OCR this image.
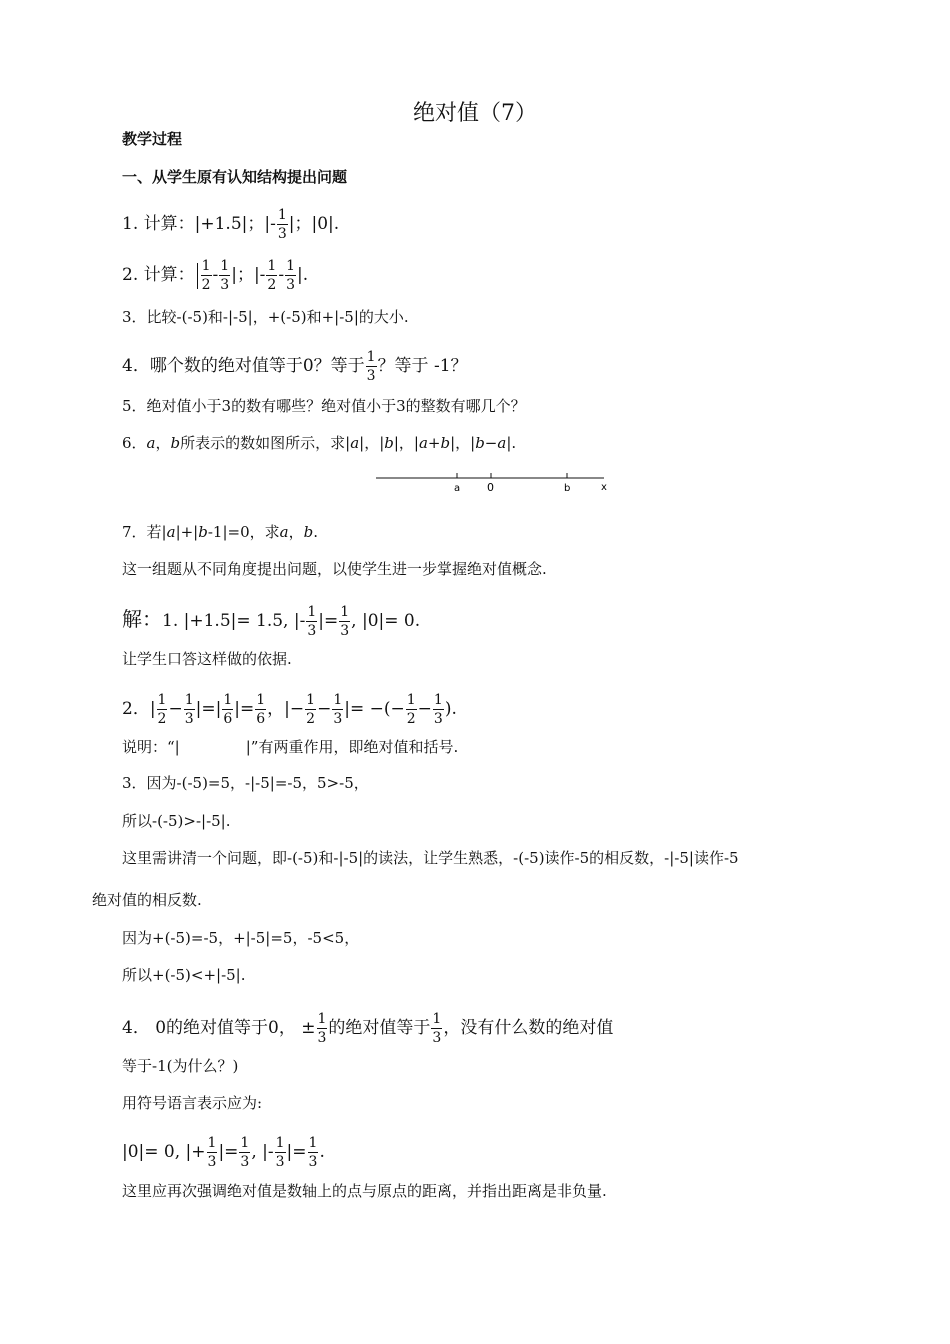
绝对值（7）
教学过程
一、从学生原有认知结构提出问题
1. 计算：|+1.5|；|- $\frac{1}{3}$ |；|0|.
2. 计算： $\frac{1}{2} - \frac{1}{3}$ |；|- $\frac{1}{2} - \frac{1}{3}$ |.
3．比较-(-5)和-|-5|，+(-5)和+|-5|的大小.
4．哪个数的绝对值等于0？等于 $\frac{1}{3}$ ？等于 -1？
5．绝对值小于3的数有哪些？绝对值小于3的整数有哪几个？
6．a，b所表示的数如图所示，求|a|，|b|，|a+b|，|b−a|.
a 0	b	x
7．若|a|+|b-1|=0，求a，b.
这一组题从不同角度提出问题，以使学生进一步掌握绝对值概念.
解：1. |+1.5|= 1.5, |- $\frac{1}{3}$ |= $\frac{1}{3}$ , |0|= 0.
让学生口答这样做的依据.
2．| $\frac{1}{2} - \frac{1}{3}$ |=| $\frac{1}{6}$ |= $\frac{1}{6}$ ，|− $\frac{1}{2} - \frac{1}{3}$ |= −(− $\frac{1}{2} - \frac{1}{3}$ ).
说明：“|	|”有两重作用，即绝对值和括号.
3．因为-(-5)=5，-|-5|=-5，5>-5，
所以-(-5)>-|-5|.
这里需讲清一个问题，即-(-5)和-|-5|的读法，让学生熟悉，-(-5)读作-5的相反数，-|-5|读作-5
绝对值的相反数.
因为+(-5)=-5，+|-5|=5，-5<5，
所以+(-5)<+|-5|.
4． 0的绝对值等于0， ± $\frac{1}{3}$ 的绝对值等于 $\frac{1}{3}$ ，没有什么数的绝对值
等于-1(为什么？)
用符号语言表示应为:
|0|= 0, |+ $\frac{1}{3}$ |= $\frac{1}{3}$ , |- $\frac{1}{3}$ |= $\frac{1}{3}$ .
这里应再次强调绝对值是数轴上的点与原点的距离，并指出距离是非负量.
